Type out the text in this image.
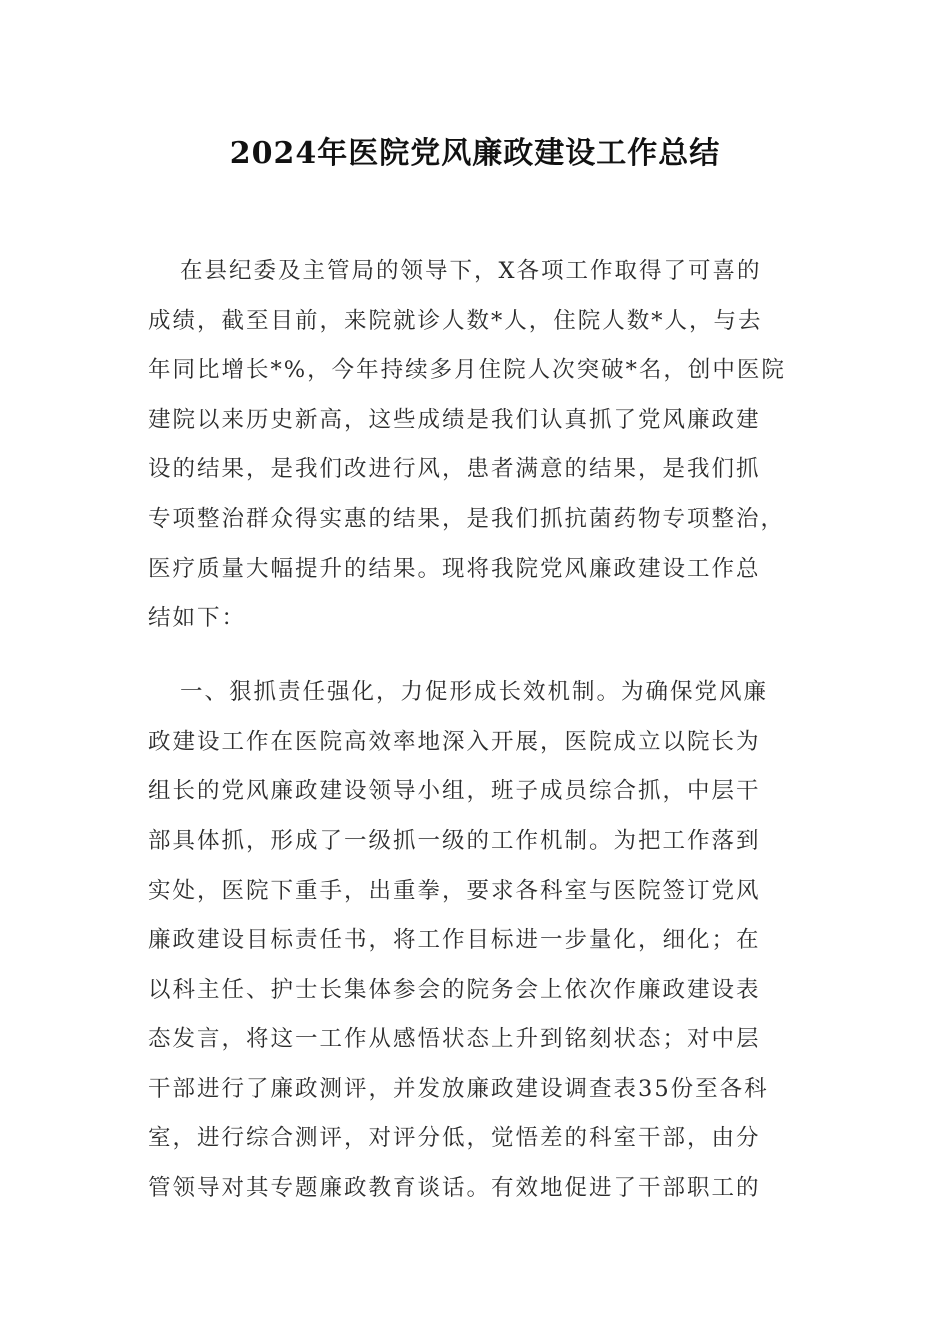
2024年医院党风廉政建设工作总结
在县纪委及主管局的领导下，X各项工作取得了可喜的
成绩，截至目前，来院就诊人数*人，住院人数*人，与去
年同比增长*%，今年持续多月住院人次突破*名，创中医院
建院以来历史新高，这些成绩是我们认真抓了党风廉政建
设的结果，是我们改进行风，患者满意的结果，是我们抓
专项整治群众得实惠的结果，是我们抓抗菌药物专项整治，
医疗质量大幅提升的结果。现将我院党风廉政建设工作总
结如下：
一、狠抓责任强化，力促形成长效机制。为确保党风廉
政建设工作在医院高效率地深入开展，医院成立以院长为
组长的党风廉政建设领导小组，班子成员综合抓，中层干
部具体抓，形成了一级抓一级的工作机制。为把工作落到
实处，医院下重手，出重拳，要求各科室与医院签订党风
廉政建设目标责任书，将工作目标进一步量化，细化；在
以科主任、护士长集体参会的院务会上依次作廉政建设表
态发言，将这一工作从感悟状态上升到铭刻状态；对中层
干部进行了廉政测评，并发放廉政建设调查表35份至各科
室，进行综合测评，对评分低，觉悟差的科室干部，由分
管领导对其专题廉政教育谈话。有效地促进了干部职工的
